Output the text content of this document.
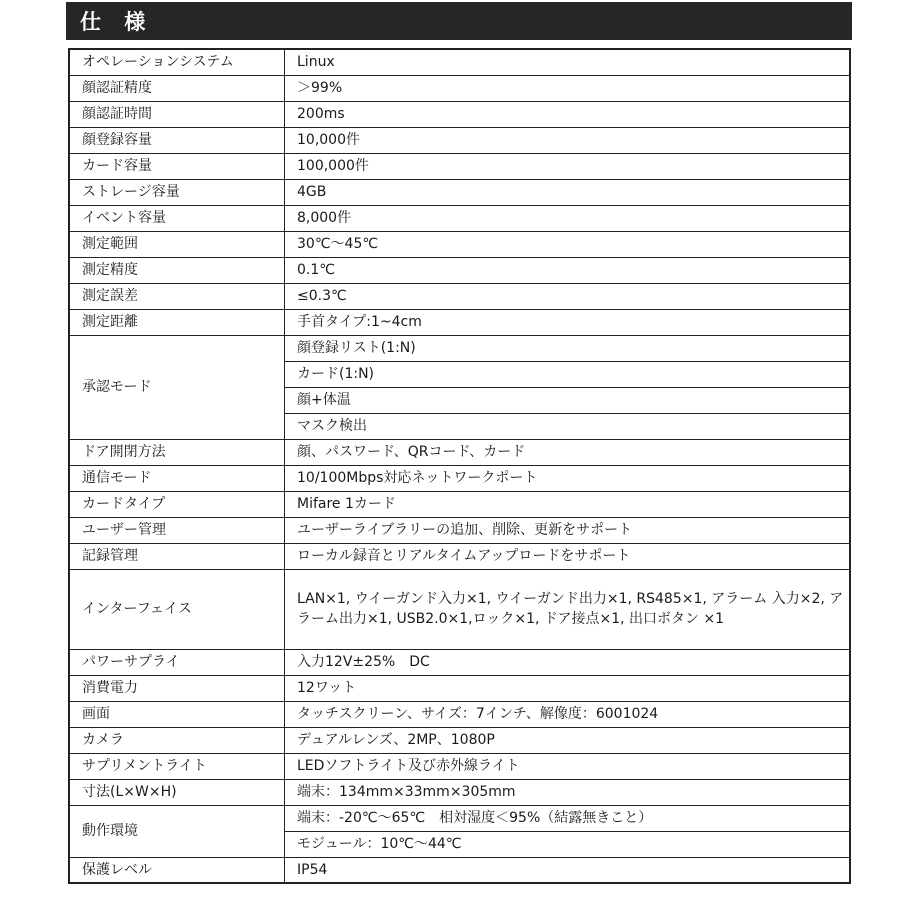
仕 様
オペレーションシステム	Linux
顔認証精度	＞99%
顔認証時間	200ms
顔登録容量	10,000件
カード容量	100,000件
ストレージ容量	4GB
イベント容量	8,000件
測定範囲	30℃～45℃
測定精度	0.1℃
測定誤差	≤0.3℃
測定距離	手首タイプ:1~4cm
承認モード	顔登録リスト(1:N)
	カード(1:N)
	顔+体温
	マスク検出
ドア開閉方法	顔、パスワード、QRコード、カード
通信モード	10/100Mbps対応ネットワークポート
カードタイプ	Mifare 1カード
ユーザー管理	ユーザーライブラリーの追加、削除、更新をサポート
記録管理	ローカル録音とリアルタイムアップロードをサポート
インターフェイス	LAN×1, ウイーガンド入力×1, ウイーガンド出力×1, RS485×1, アラーム 入力×2, アラーム出力×1, USB2.0×1,ロック×1, ドア接点×1, 出口ボタン ×1
パワーサプライ	入力12V±25%　DC
消費電力	12ワット
画面	タッチスクリーン、サイズ：7インチ、解像度：6001024
カメラ	デュアルレンズ、2MP、1080P
サプリメントライト	LEDソフトライト及び赤外線ライト
寸法(L×W×H)	端末：134mm×33mm×305mm
動作環境	端末：-20℃～65℃　相対湿度＜95%（結露無きこと）
	モジュール：10℃～44℃
保護レベル	IP54
